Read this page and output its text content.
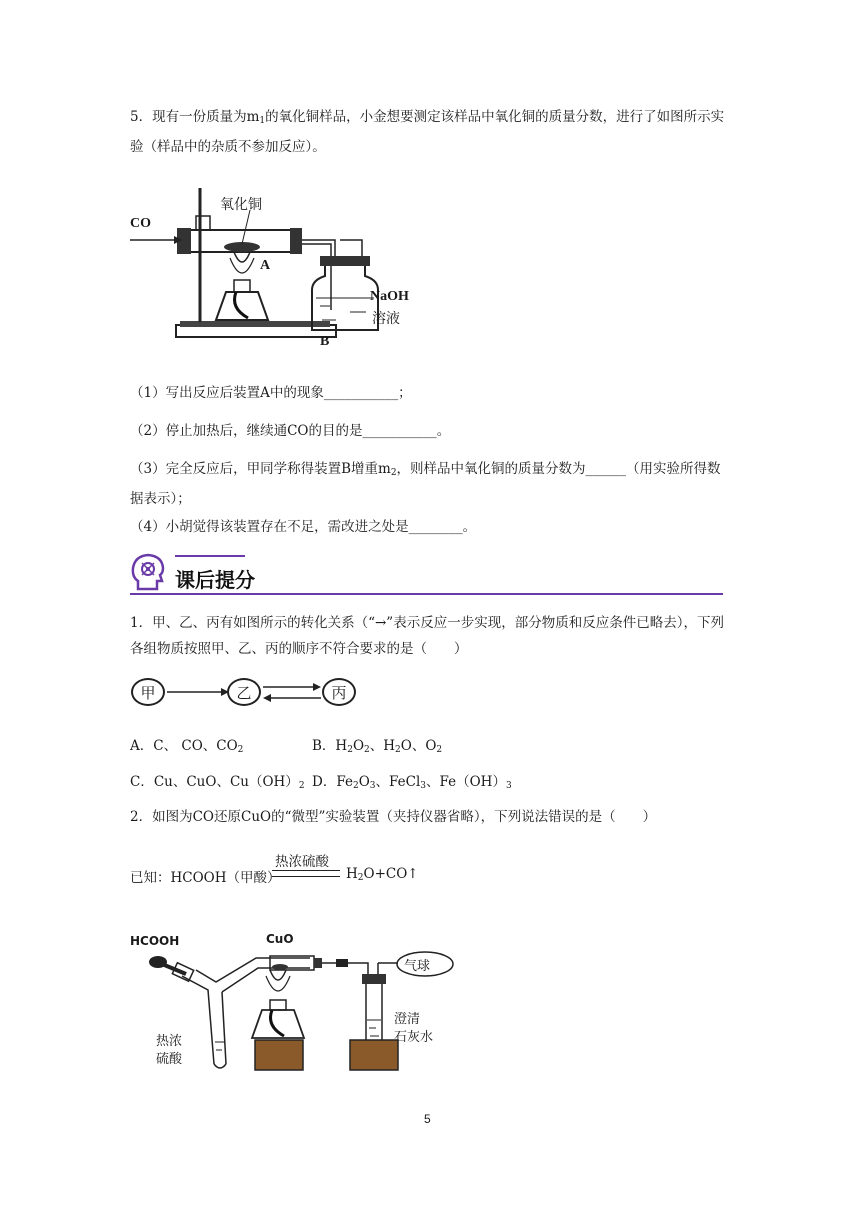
5．现有一份质量为$m_1$的氧化铜样品，小金想要测定该样品中氧化铜的质量分数，进行了如图所示实验（样品中的杂质不参加反应）。

氧化铜
CO
A
B
NaOH
溶液

（1）写出反应后装置A中的现象___________；

（2）停止加热后，继续通CO的目的是___________。

（3）完全反应后，甲同学称得装置B增重$m_2$，则样品中氧化铜的质量分数为______（用实验所得数据表示）；

（4）小胡觉得该装置存在不足，需改进之处是________。

课后提分

1．甲、乙、丙有如图所示的转化关系（“→”表示反应一步实现，部分物质和反应条件已略去），下列各组物质按照甲、乙、丙的顺序不符合要求的是（　　）

甲	乙	丙
A．C、 CO、$CO_2$	B．$H_2O_2$、$H_2O$、$O_2$
C．Cu、CuO、$Cu(OH)_2$ D．$Fe_2O_3$、FeCl$_3$、$Fe(OH)_3$

2．如图为CO还原CuO的“微型”实验装置（夹持仪器省略），下列说法错误的是（　　）

已知：HCOOH（甲酸）
热浓硫酸
$H_2O+CO↑$
HCOOH	CuO
气球
热浓
硫酸
澄清
石灰水
5
